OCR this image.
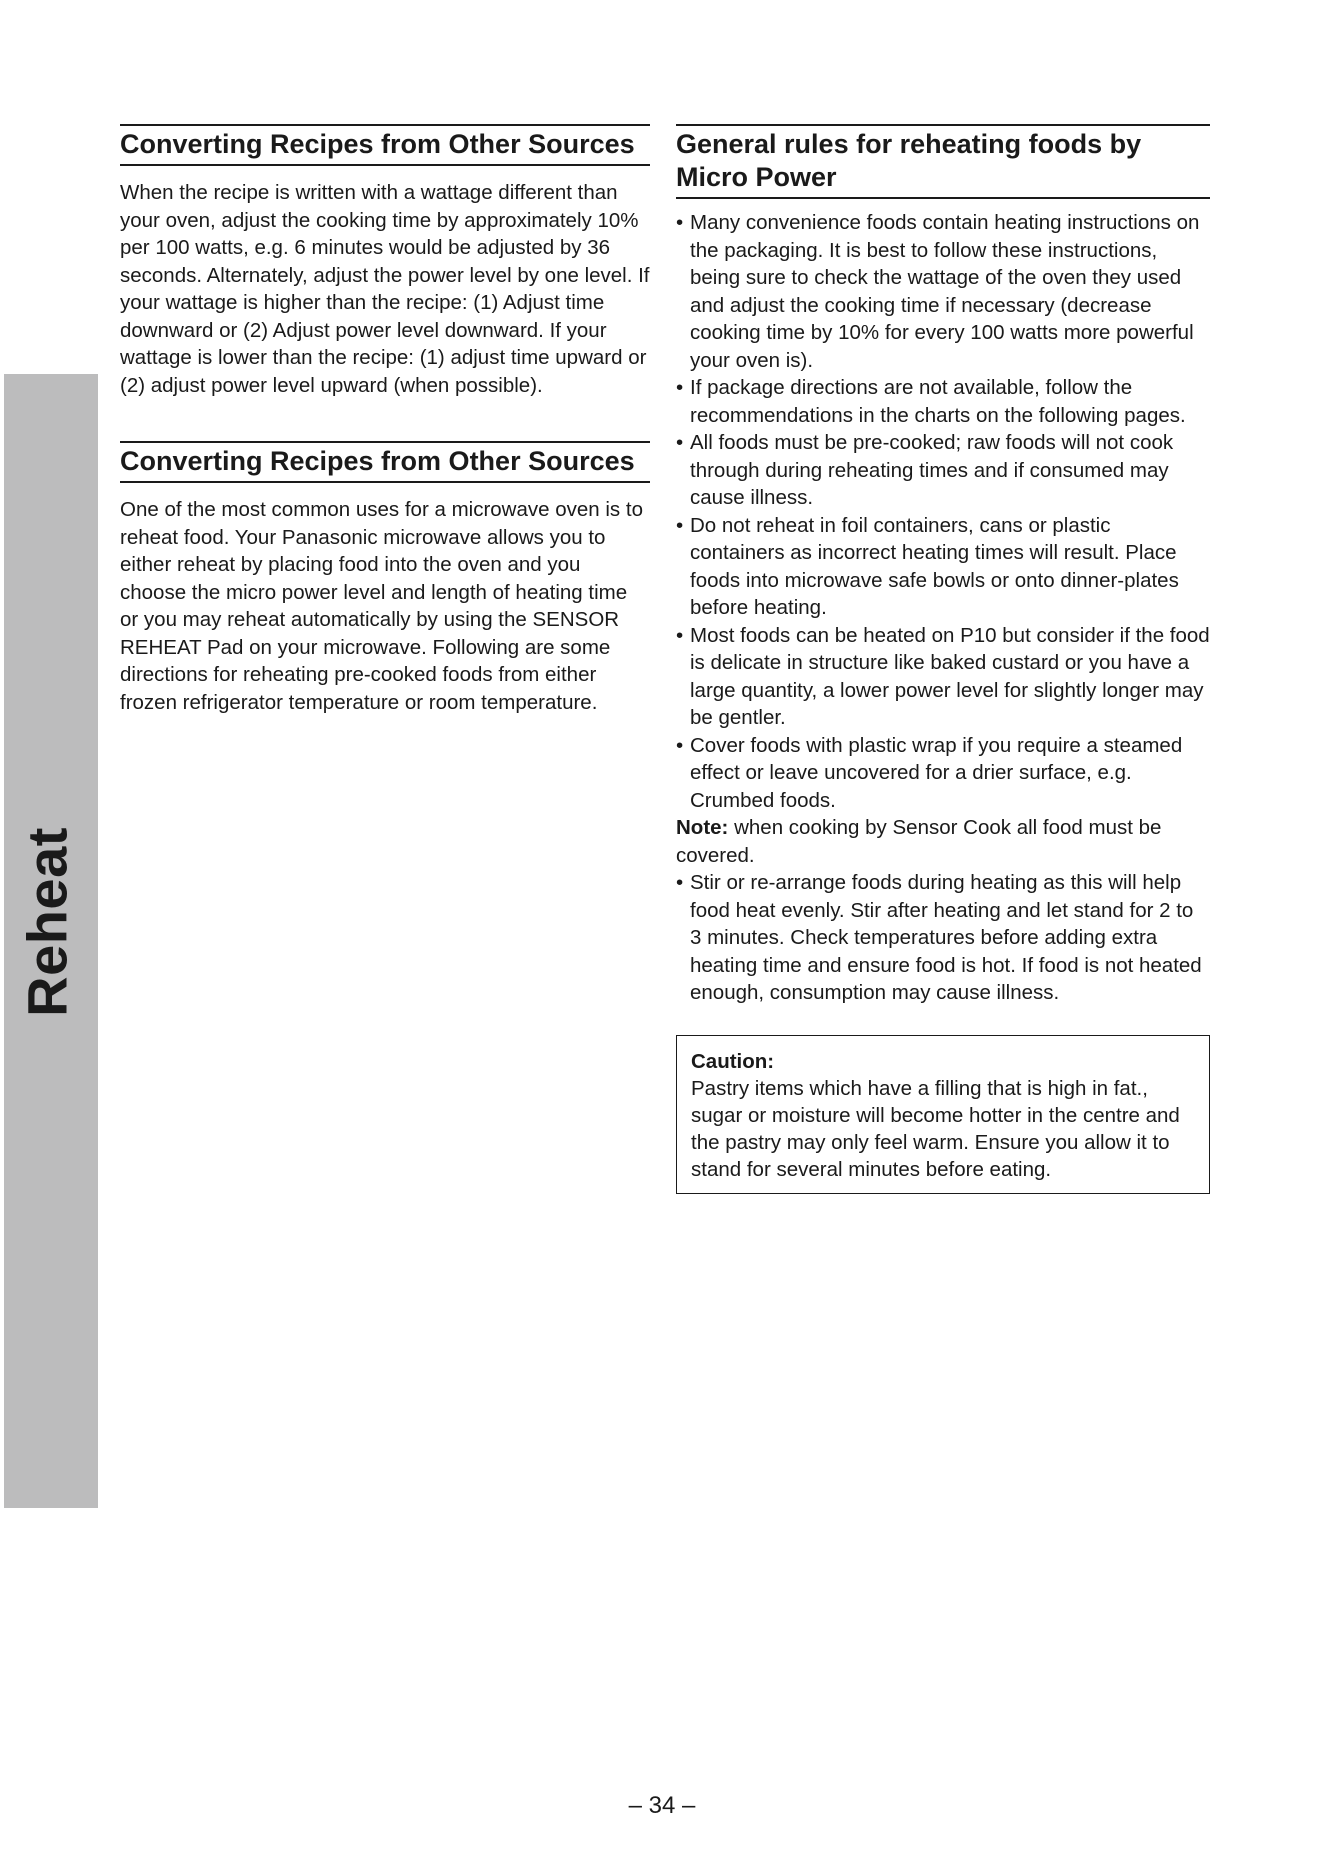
Reheat
Converting Recipes from Other Sources

When the recipe is written with a wattage different than your oven, adjust the cooking time by approximately 10% per 100 watts, e.g. 6 minutes would be adjusted by 36 seconds. Alternately, adjust the power level by one level. If your wattage is higher than the recipe: (1) Adjust time downward or (2) Adjust power level downward. If your wattage is lower than the recipe: (1) adjust time upward or (2) adjust power level upward (when possible).

Converting Recipes from Other Sources

One of the most common uses for a microwave oven is to reheat food. Your Panasonic microwave allows you to either reheat by placing food into the oven and you choose the micro power level and length of heating time or you may reheat automatically by using the SENSOR REHEAT Pad on your microwave. Following are some directions for reheating pre-cooked foods from either frozen refrigerator temperature or room temperature.

General rules for reheating foods by Micro Power
• Many convenience foods contain heating instructions on the packaging. It is best to follow these instructions, being sure to check the wattage of the oven they used and adjust the cooking time if necessary (decrease cooking time by 10% for every 100 watts more powerful your oven is).
• If package directions are not available, follow the recommendations in the charts on the following pages.
• All foods must be pre-cooked; raw foods will not cook through during reheating times and if consumed may cause illness.
• Do not reheat in foil containers, cans or plastic containers as incorrect heating times will result. Place foods into microwave safe bowls or onto dinner-plates before heating.
• Most foods can be heated on P10 but consider if the food is delicate in structure like baked custard or you have a large quantity, a lower power level for slightly longer may be gentler.
• Cover foods with plastic wrap if you require a steamed effect or leave uncovered for a drier surface, e.g. Crumbed foods.

Note: when cooking by Sensor Cook all food must be covered.

• Stir or re-arrange foods during heating as this will help food heat evenly. Stir after heating and let stand for 2 to 3 minutes. Check temperatures before adding extra heating time and ensure food is hot. If food is not heated enough, consumption may cause illness.
Caution:
Pastry items which have a filling that is high in fat., sugar or moisture will become hotter in the centre and the pastry may only feel warm. Ensure you allow it to stand for several minutes before eating.
– 34 –
